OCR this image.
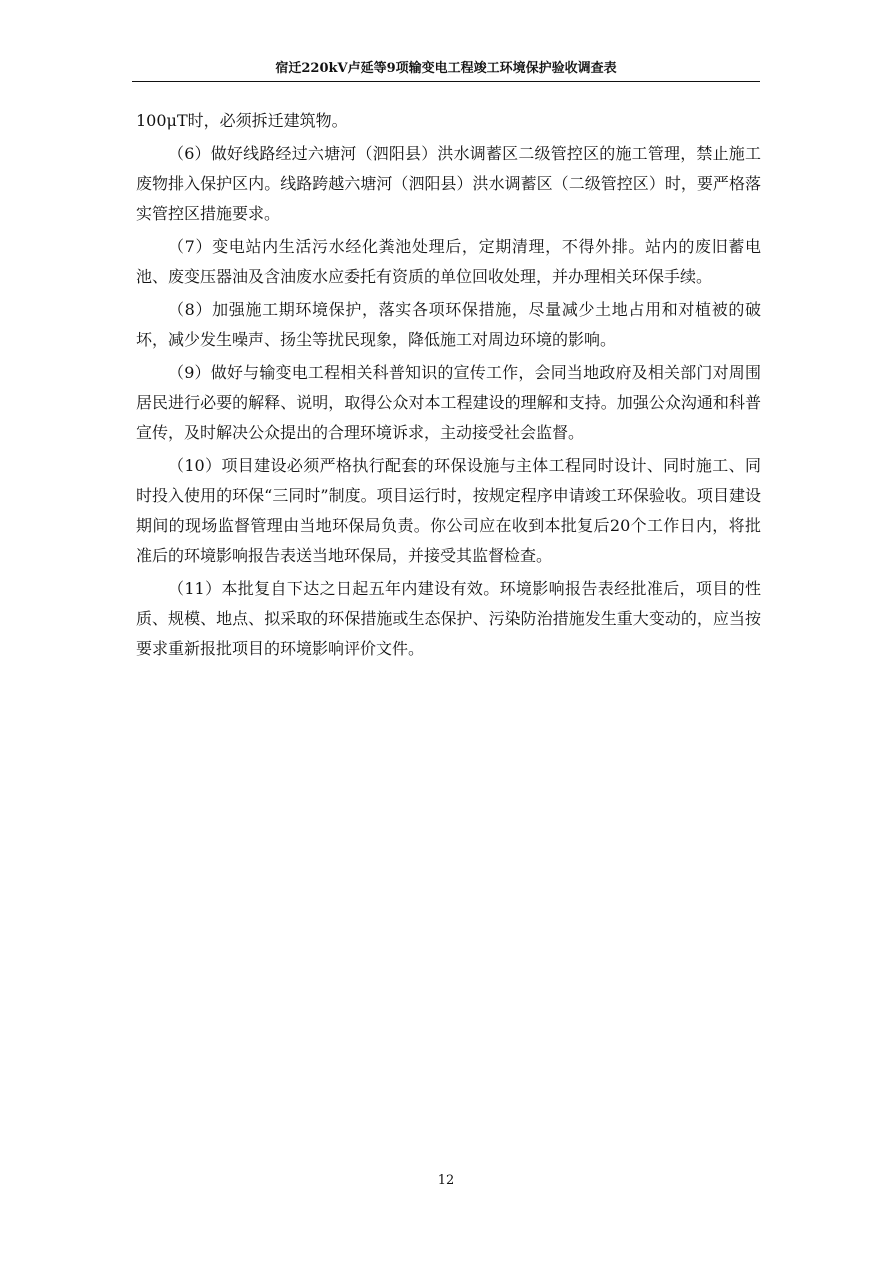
宿迁220kV卢延等9项输变电工程竣工环境保护验收调查表

100μT时，必须拆迁建筑物。

（6）做好线路经过六塘河（泗阳县）洪水调蓄区二级管控区的施工管理，禁止施工废物排入保护区内。线路跨越六塘河（泗阳县）洪水调蓄区（二级管控区）时，要严格落实管控区措施要求。

（7）变电站内生活污水经化粪池处理后，定期清理，不得外排。站内的废旧蓄电池、废变压器油及含油废水应委托有资质的单位回收处理，并办理相关环保手续。

（8）加强施工期环境保护，落实各项环保措施，尽量减少土地占用和对植被的破坏，减少发生噪声、扬尘等扰民现象，降低施工对周边环境的影响。

（9）做好与输变电工程相关科普知识的宣传工作，会同当地政府及相关部门对周围居民进行必要的解释、说明，取得公众对本工程建设的理解和支持。加强公众沟通和科普宣传，及时解决公众提出的合理环境诉求，主动接受社会监督。

（10）项目建设必须严格执行配套的环保设施与主体工程同时设计、同时施工、同时投入使用的环保“三同时”制度。项目运行时，按规定程序申请竣工环保验收。项目建设期间的现场监督管理由当地环保局负责。你公司应在收到本批复后20个工作日内，将批准后的环境影响报告表送当地环保局，并接受其监督检查。

（11）本批复自下达之日起五年内建设有效。环境影响报告表经批准后，项目的性质、规模、地点、拟采取的环保措施或生态保护、污染防治措施发生重大变动的，应当按要求重新报批项目的环境影响评价文件。

12
